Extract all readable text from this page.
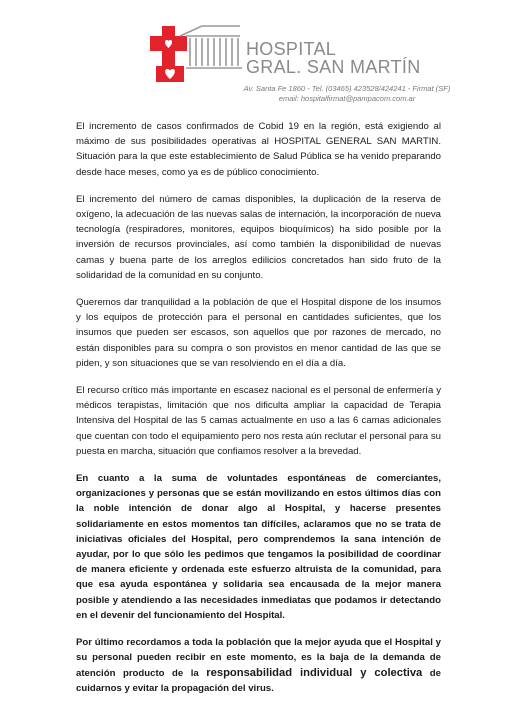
HOSPITAL
GRAL. SAN MARTÍN
Av. Santa Fe 1860 - Tel. (03465) 423528/424241 - Firmat (SF)
email: hospitalfirmat@pampacom.com.ar

El incremento de casos confirmados de Cobid 19 en la región, está exigiendo al máximo de sus posibilidades operativas al HOSPITAL GENERAL SAN MARTIN. Situación para la que este establecimiento de Salud Pública se ha venido preparando desde hace meses, como ya es de público conocimiento.

El incremento del número de camas disponibles, la duplicación de la reserva de oxígeno, la adecuación de las nuevas salas de internación, la incorporación de nueva tecnología (respiradores, monitores, equipos bioquímicos) ha sido posible por la inversión de recursos provinciales, así como también la disponibilidad de nuevas camas y buena parte de los arreglos edilicios concretados han sido fruto de la solidaridad de la comunidad en su conjunto.

Queremos dar tranquilidad a la población de que el Hospital dispone de los insumos y los equipos de protección para el personal en cantidades suficientes, que los insumos que pueden ser escasos, son aquellos que por razones de mercado, no están disponibles para su compra o son provistos en menor cantidad de las que se piden, y son situaciones que se van resolviendo en el día a día.

El recurso crítico más importante en escasez nacional es el personal de enfermería y médicos terapistas, limitación que nos dificulta ampliar la capacidad de Terapia Intensiva del Hospital de las 5 camas actualmente en uso a las 6 camas adicionales que cuentan con todo el equipamiento pero nos resta aún reclutar el personal para su puesta en marcha, situación que confiamos resolver a la brevedad.

En cuanto a la suma de voluntades espontáneas de comerciantes, organizaciones y personas que se están movilizando en estos últimos días con la noble intención de donar algo al Hospital, y hacerse presentes solidariamente en estos momentos tan difíciles, aclaramos que no se trata de iniciativas oficiales del Hospital, pero comprendemos la sana intención de ayudar, por lo que sólo les pedimos que tengamos la posibilidad de coordinar de manera eficiente y ordenada este esfuerzo altruista de la comunidad, para que esa ayuda espontánea y solidaria sea encausada de la mejor manera posible y atendiendo a las necesidades inmediatas que podamos ir detectando en el devenir del funcionamiento del Hospital.

Por último recordamos a toda la población que la mejor ayuda que el Hospital y su personal pueden recibir en este momento, es la baja de la demanda de atención producto de la responsabilidad individual y colectiva de cuidarnos y evitar la propagación del virus.
